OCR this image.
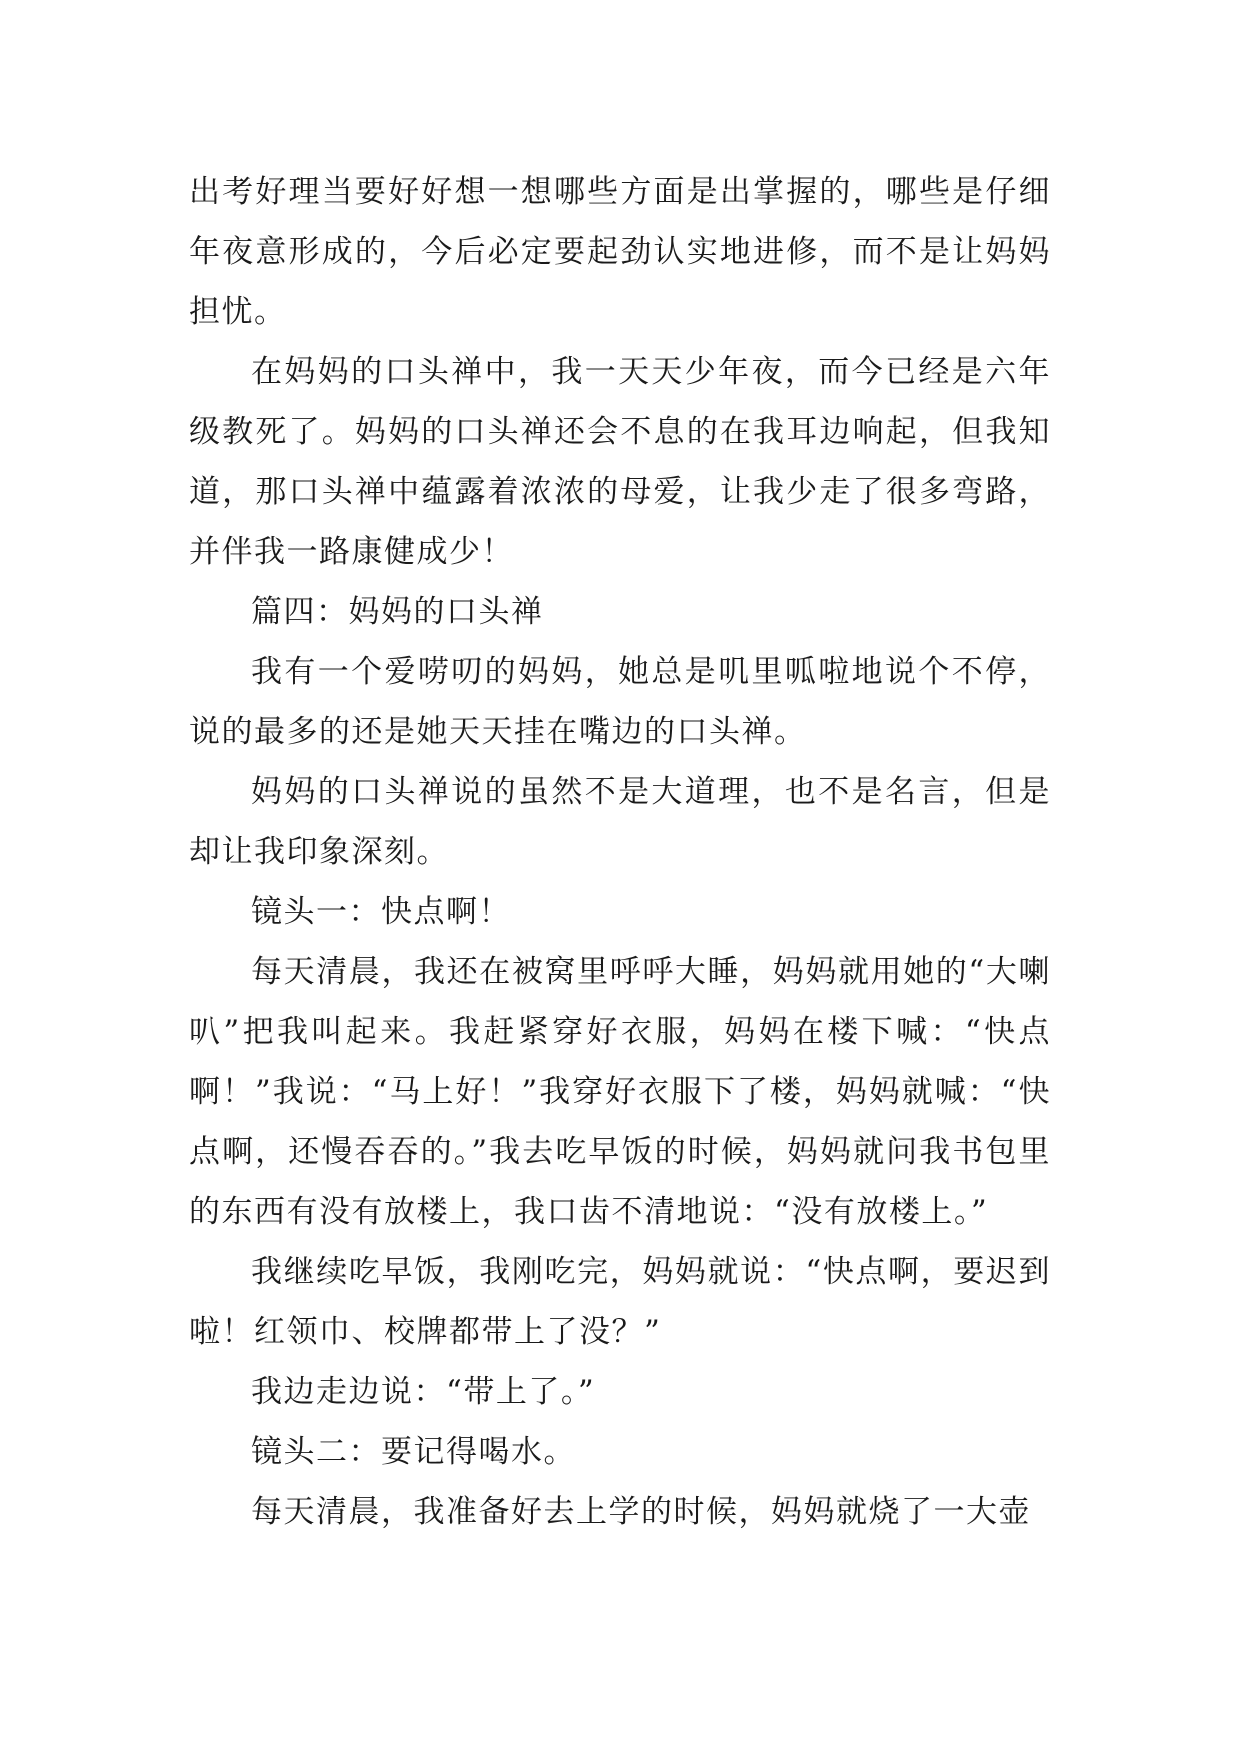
出考好理当要好好想一想哪些方面是出掌握的，哪些是仔细年夜意形成的，今后必定要起劲认实地进修，而不是让妈妈担忧。

在妈妈的口头禅中，我一天天少年夜，而今已经是六年级教死了。妈妈的口头禅还会不息的在我耳边响起，但我知道，那口头禅中蕴露着浓浓的母爱，让我少走了很多弯路，并伴我一路康健成少！

篇四：妈妈的口头禅

我有一个爱唠叨的妈妈，她总是叽里呱啦地说个不停，说的最多的还是她天天挂在嘴边的口头禅。

妈妈的口头禅说的虽然不是大道理，也不是名言，但是却让我印象深刻。

镜头一：快点啊！

每天清晨，我还在被窝里呼呼大睡，妈妈就用她的“大喇叭”把我叫起来。我赶紧穿好衣服，妈妈在楼下喊：“快点啊！”我说：“马上好！”我穿好衣服下了楼，妈妈就喊：“快点啊，还慢吞吞的。”我去吃早饭的时候，妈妈就问我书包里的东西有没有放楼上，我口齿不清地说：“没有放楼上。”

我继续吃早饭，我刚吃完，妈妈就说：“快点啊，要迟到啦！红领巾、校牌都带上了没？”

我边走边说：“带上了。”

镜头二：要记得喝水。

每天清晨，我准备好去上学的时候，妈妈就烧了一大壶
